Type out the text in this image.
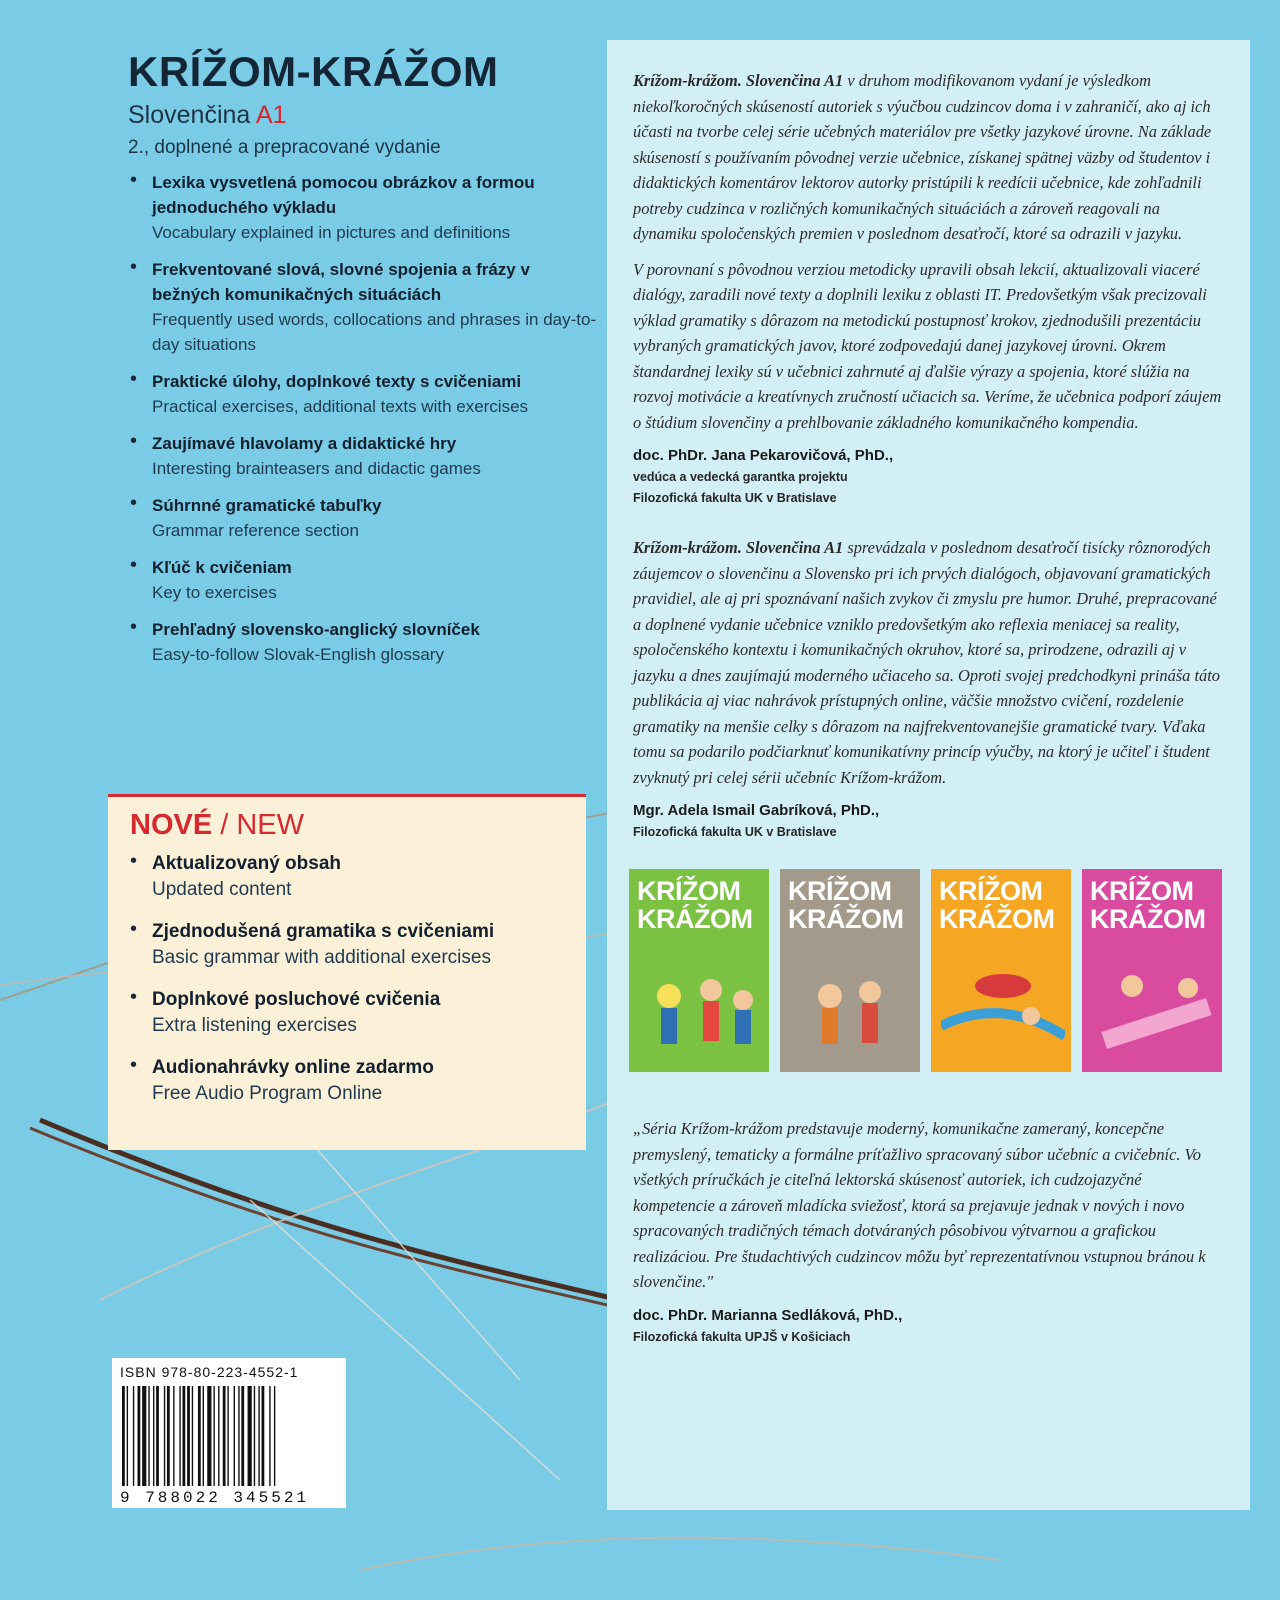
KRÍŽOM-KRÁŽOM
Slovenčina A1
2., doplnené a prepracované vydanie
• Lexika vysvetlená pomocou obrázkov a formou jednoduchého výkladu
Vocabulary explained in pictures and definitions
• Frekventované slová, slovné spojenia a frázy v bežných komunikačných situáciách
Frequently used words, collocations and phrases in day-to-day situations
• Praktické úlohy, doplnkové texty s cvičeniami
Practical exercises, additional texts with exercises
• Zaujímavé hlavolamy a didaktické hry
Interesting brainteasers and didactic games
• Súhrnné gramatické tabuľky
Grammar reference section
• Kľúč k cvičeniam
Key to exercises
• Prehľadný slovensko-anglický slovníček
Easy-to-follow Slovak-English glossary
NOVÉ / NEW
• Aktualizovaný obsah
Updated content
• Zjednodušená gramatika s cvičeniami
Basic grammar with additional exercises
• Doplnkové posluchové cvičenia
Extra listening exercises
• Audionahrávky online zadarmo
Free Audio Program Online
ISBN 978-80-223-4552-1
9 788022 345521

Krížom-krážom. Slovenčina A1 v druhom modifikovanom vydaní je výsledkom niekoľkoročných skúseností autoriek s výučbou cudzincov doma i v zahraničí, ako aj ich účasti na tvorbe celej série učebných materiálov pre všetky jazykové úrovne. Na základe skúseností s používaním pôvodnej verzie učebnice, získanej spätnej väzby od študentov i didaktických komentárov lektorov autorky pristúpili k reedícii učebnice, kde zohľadnili potreby cudzinca v rozličných komunikačných situáciách a zároveň reagovali na dynamiku spoločenských premien v poslednom desaťročí, ktoré sa odrazili v jazyku.

V porovnaní s pôvodnou verziou metodicky upravili obsah lekcií, aktualizovali viaceré dialógy, zaradili nové texty a doplnili lexiku z oblasti IT. Predovšetkým však precizovali výklad gramatiky s dôrazom na metodickú postupnosť krokov, zjednodušili prezentáciu vybraných gramatických javov, ktoré zodpovedajú danej jazykovej úrovni. Okrem štandardnej lexiky sú v učebnici zahrnuté aj ďalšie výrazy a spojenia, ktoré slúžia na rozvoj motivácie a kreatívnych zručností učiacich sa. Veríme, že učebnica podporí záujem o štúdium slovenčiny a prehlbovanie základného komunikačného kompendia.

doc. PhDr. Jana Pekarovičová, PhD.,
vedúca a vedecká garantka projektu
Filozofická fakulta UK v Bratislave

Krížom-krážom. Slovenčina A1 sprevádzala v poslednom desaťročí tisícky rôznorodých záujemcov o slovenčinu a Slovensko pri ich prvých dialógoch, objavovaní gramatických pravidiel, ale aj pri spoznávaní našich zvykov či zmyslu pre humor. Druhé, prepracované a doplnené vydanie učebnice vzniklo predovšetkým ako reflexia meniacej sa reality, spoločenského kontextu i komunikačných okruhov, ktoré sa, prirodzene, odrazili aj v jazyku a dnes zaujímajú moderného učiaceho sa. Oproti svojej predchodkyni prináša táto publikácia aj viac nahrávok prístupných online, väčšie množstvo cvičení, rozdelenie gramatiky na menšie celky s dôrazom na najfrekventovanejšie gramatické tvary. Vďaka tomu sa podarilo podčiarknuť komunikatívny princíp výučby, na ktorý je učiteľ i študent zvyknutý pri celej sérii učebníc Krížom-krážom.

Mgr. Adela Ismail Gabríková, PhD.,
Filozofická fakulta UK v Bratislave
KRÍŽOM
KRÁŽOM
KRÍŽOM
KRÁŽOM
KRÍŽOM
KRÁŽOM
KRÍŽOM
KRÁŽOM

„Séria Krížom-krážom predstavuje moderný, komunikačne zameraný, koncepčne premyslený, tematicky a formálne príťažlivo spracovaný súbor učebníc a cvičebníc. Vo všetkých príručkách je citeľná lektorská skúsenosť autoriek, ich cudzojazyčné kompetencie a zároveň mladícka sviežosť, ktorá sa prejavuje jednak v nových i novo spracovaných tradičných témach dotváraných pôsobivou výtvarnou a grafickou realizáciou. Pre študachtivých cudzincov môžu byť reprezentatívnou vstupnou bránou k slovenčine."

doc. PhDr. Marianna Sedláková, PhD.,
Filozofická fakulta UPJŠ v Košiciach
